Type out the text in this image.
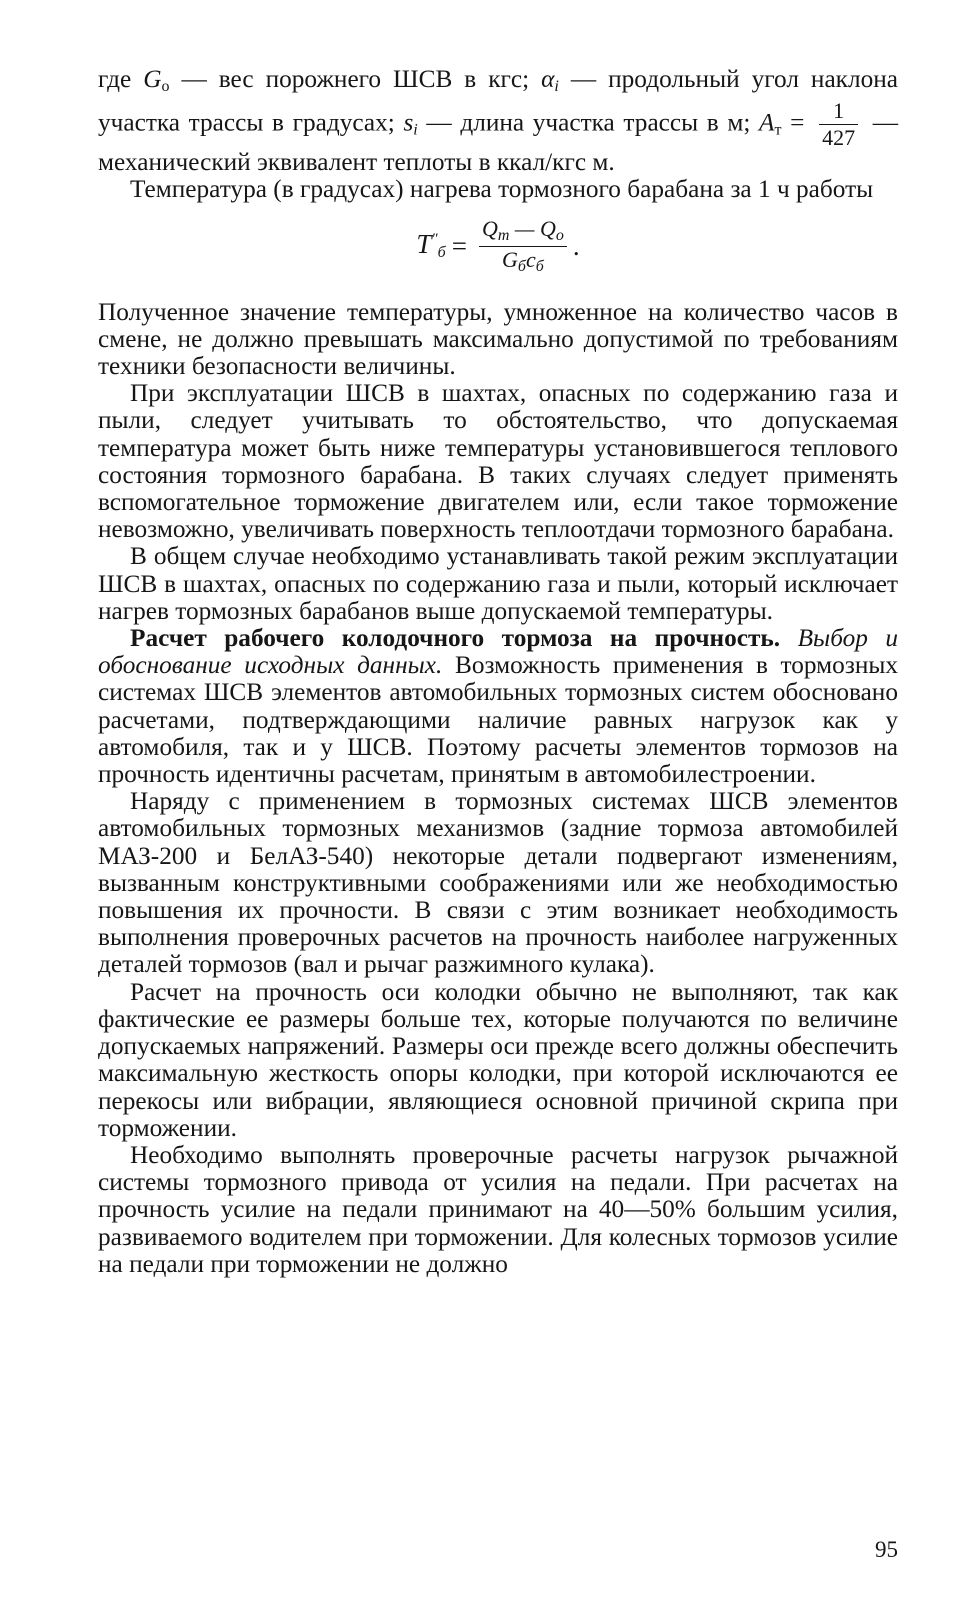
где $G_o$ — вес порожнего ШСВ в кгс; $\alpha_i$ — продольный угол наклона участка трассы в градусах; $s_i$ — длина участка трассы в м; $A_т = \frac{1}{427}$ — механический эквивалент теплоты в ккал/кгс м.

Температура (в градусах) нагрева тормозного барабана за 1 ч работы

$T''_б = \frac{Q_т — Q_o}{G_бc_б}$ .

Полученное значение температуры, умноженное на количество часов в смене, не должно превышать максимально допустимой по требованиям техники безопасности величины.

При эксплуатации ШСВ в шахтах, опасных по содержанию газа и пыли, следует учитывать то обстоятельство, что допускаемая температура может быть ниже температуры установившегося теплового состояния тормозного барабана. В таких случаях следует применять вспомогательное торможение двигателем или, если такое торможение невозможно, увеличивать поверхность теплоотдачи тормозного барабана.

В общем случае необходимо устанавливать такой режим эксплуатации ШСВ в шахтах, опасных по содержанию газа и пыли, который исключает нагрев тормозных барабанов выше допускаемой температуры.

Расчет рабочего колодочного тормоза на прочность. Выбор и обоснование исходных данных. Возможность применения в тормозных системах ШСВ элементов автомобильных тормозных систем обосновано расчетами, подтверждающими наличие равных нагрузок как у автомобиля, так и у ШСВ. Поэтому расчеты элементов тормозов на прочность идентичны расчетам, принятым в автомобилестроении.

Наряду с применением в тормозных системах ШСВ элементов автомобильных тормозных механизмов (задние тормоза автомобилей МАЗ-200 и БелАЗ-540) некоторые детали подвергают изменениям, вызванным конструктивными соображениями или же необходимостью повышения их прочности. В связи с этим возникает необходимость выполнения проверочных расчетов на прочность наиболее нагруженных деталей тормозов (вал и рычаг разжимного кулака).

Расчет на прочность оси колодки обычно не выполняют, так как фактические ее размеры больше тех, которые получаются по величине допускаемых напряжений. Размеры оси прежде всего должны обеспечить максимальную жесткость опоры колодки, при которой исключаются ее перекосы или вибрации, являющиеся основной причиной скрипа при торможении.

Необходимо выполнять проверочные расчеты нагрузок рычажной системы тормозного привода от усилия на педали. При расчетах на прочность усилие на педали принимают на 40—50% большим усилия, развиваемого водителем при торможении. Для колесных тормозов усилие на педали при торможении не должно

95
